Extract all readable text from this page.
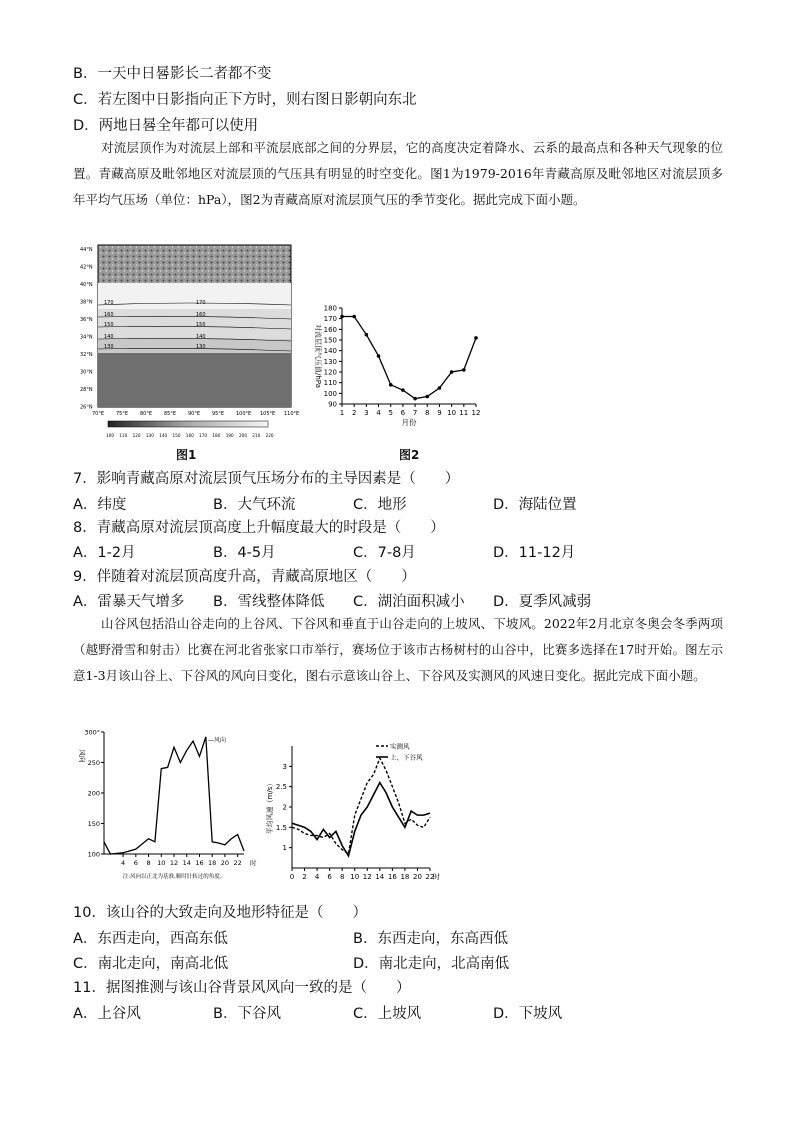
B．一天中日晷影长二者都不变
C．若左图中日影指向正下方时，则右图日影朝向东北
D．两地日晷全年都可以使用
对流层顶作为对流层上部和平流层底部之间的分界层，它的高度决定着降水、云系的最高点和各种天气现象的位置。青藏高原及毗邻地区对流层顶的气压具有明显的时空变化。图1为1979-2016年青藏高原及毗邻地区对流层顶多年平均气压场（单位：hPa），图2为青藏高原对流层顶气压的季节变化。据此完成下面小题。
170	170
160	160
150	150
140	140
130	130
44°N
42°N
40°N
38°N
36°N
34°N
32°N
30°N
28°N
26°N
70°E 75°E 80°E 85°E 90°E 95°E 100°E 105°E 110°E
100 110 120 130 140 150 160 170 180 190 200 210 220
图1
90
100
110
120
130
140
150
160
170
180
1 2 3 4 5 6 7 8 9 10 11 12
月份
对流层顶气压值/hPa
图2
7．影响青藏高原对流层顶气压场分布的主导因素是（　　）
A．纬度	B．大气环流	C．地形	D．海陆位置
8．青藏高原对流层顶高度上升幅度最大的时段是（　　）
A．1-2月	B．4-5月	C．7-8月	D．11-12月
9．伴随着对流层顶高度升高，青藏高原地区（　　）
A．雷暴天气增多 B．雪线整体降低 C．湖泊面积减小 D．夏季风减弱
山谷风包括沿山谷走向的上谷风、下谷风和垂直于山谷走向的上坡风、下坡风。2022年2月北京冬奥会冬季两项（越野滑雪和射击）比赛在河北省张家口市举行，赛场位于该市古杨树村的山谷中，比赛多选择在17时开始。图左示意1-3月该山谷上、下谷风的风向日变化，图右示意该山谷上、下谷风及实测风的风速日变化。据此完成下面小题。
100
150
200
250
300°
4 6 8 10 12 14 16 18 20 22 时
风向
—风向
注:风向以正北为基准,顺时针转过的角度。
1
1.5
2
2.5
3
0 2 4 6 8 10 12 14 16 18 20 22
时
平均风速（m/s）
实测风
上、下谷风
10．该山谷的大致走向及地形特征是（　　）
A．东西走向，西高东低	B．东西走向，东高西低
C．南北走向，南高北低	D．南北走向，北高南低
11．据图推测与该山谷背景风风向一致的是（　　）
A．上谷风	B．下谷风	C．上坡风	D．下坡风
